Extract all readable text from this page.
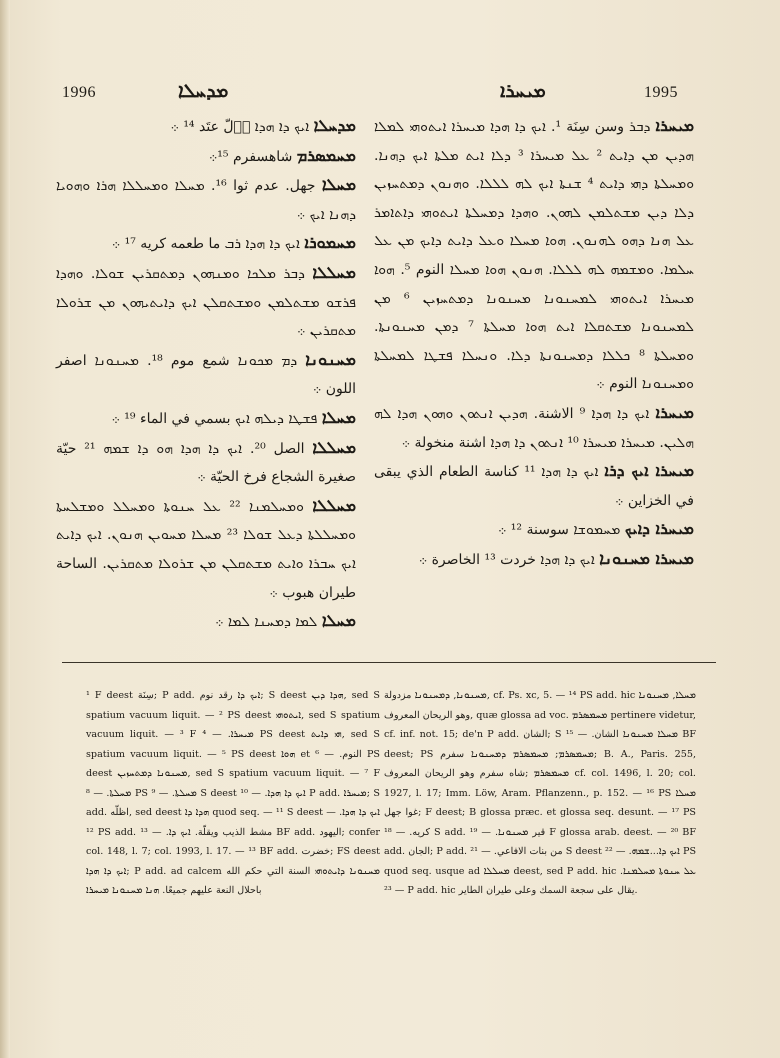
1996	ܡܕܚܠܐ	ܡܝܚܪܐ	1995

ܡܕܚܠܐ ܐܝܟ ܕܐ ܗܕܐ ܕَلّ عتَد ¹⁴ ܀

ܡܚܡܣܪܡ شاهسفرم ¹⁵܀

ܡܚܠܐ جهل. عدم ثوا ¹⁶. ܡܚܠܐ ܘܡܚܠܠܐ ܗܪܐ ܘܗܘܝܐ ܕܗܢܐ ܐܝܟ ܀

ܡܚܡܘܪܐ ܐܝܟ ܕܐ ܗܕܐ ܪܒ ما طعمه كريه ¹⁷ ܀

ܡܚܠܠܐ ܕܒܪ ܡܠܟܐ ܘܡܢܗܘܢ ܕܡܬܩܪܝܢ ܫܘܠܐ. ܘܗܕܐ ܦܪܫܘ ܡܫܬܠܡܢ ܘܡܫܬܩܠܢ ܐܝܟ ܕܐܝܬܝܗܘܢ ܡܢ ܫܪܘܠܐ ܡܬܩܪܝܢ ܀

ܡܚܢܘܢܐ ܕܡ ܡܟܘܢܐ شمع موم ¹⁸. ܡܚܢܘܢܐ اصفر اللون ܀

ܡܚܠܐ ܦܫܛܐ ܕܝܠܗ ܐܝܟ بسمي في الماء ¹⁹ ܀

ܡܚܠܠܐ الصل ²⁰. ܐܝܟ ܕܐ ܗܕܐ ܗܘ ܕܐ ܫܡܗ ²¹ حيّة صغيرة الشجاع فرخ الحيّة ܀

ܡܚܠܠܐ ܘܡܚܠܡܢܐ ²² ܥܠ ܚܢܘܬܐ ܘܡܚܠܠ ܘܡܫܠܚܬܐ ܘܡܚܠܠܬܐ ܕܥܠ ܫܘܠܐ ²³ ܡܚܠܐ ܡܚܘܝܢ ܗܢܘܢ. ܐܝܟ ܕܐܝܬ ܐܝܟ ܚܒܪܐ ܘܐܝܬ ܡܫܬܩܠܢ ܡܢ ܫܪܘܠܐ ܡܬܩܪܝܢ. الساحة طيران هبوب ܀

ܡܚܠܐ ܠܡܐ ܕܡܚܢܐ ܠܡܐ ܀

ܡܝܚܪܐ ܕܒܪ وسن سِنَة ¹. ܐܝܟ ܕܐ ܗܕܐ ܡܝܚܪܐ ܐܝܬܘܗܝ ܠܡܠܐ ܗܕܝܢ ܡܢ ܕܐܝܬ ² ܥܠ ܡܝܚܪܐ ³ ܕܠܐ ܐܝܬ ܡܠܬܐ ܐܝܟ ܕܗܢܐ. ܘܡܚܠܬܐ ܕܗܝ ܕܐܝܬ ⁴ ܫܢܬܐ ܐܝܟ ܠܗ ܠܠܠܐ. ܘܗܢܘܢ ܕܡܬܚܙܝܢ ܕܠܐ ܕܝܢ ܡܫܬܠܡܢ ܠܗܘܢ. ܘܗܕܐ ܕܡܚܠܬܐ ܐܝܬܘܗܝ ܕܐܬܐܡܪ ܥܠ ܗܢܐ ܕܗܘ ܠܗܢܘܢ. ܗܘܐ ܡܚܠܐ ܘܥܠ ܕܐܝܬ ܕܐܝܟ ܡܢ ܥܠ ܚܠܡܐ. ܘܡܫܡܗ ܠܗ ܠܠܠܐ. ܗܢܘܢ ܗܘܐ ܡܚܠܐ النوم ⁵. ܗܘܐ ܡܝܚܪܐ ܐܝܬܘܗܝ ܠܡܚܢܘܢܐ ܡܚܢܘܢܐ ܕܡܬܚܙܝܢ ⁶ ܡܢ ܠܡܚܢܘܢܐ ܡܫܬܩܠܐ ܐܝܬ ܗܘܐ ܡܚܠܬܐ ⁷ ܕܡܢ ܡܚܢܘܢܬܐ. ܘܡܚܠܬܐ ⁸ ܟܠܠܐ ܕܡܚܢܘܢܬܐ ܕܠܐ. ܘܢܚܠܐ ܦܫܛܐ ܠܡܚܠܬܐ ܘܡܚܢܘܢܐ النوم ܀

ܡܝܚܪܐ ܐܝܟ ܕܐ ܗܕܐ ⁹ الاشنة. ܗܕܝܢ ܐܢܬܘܢ ܘܗܘܢ ܗܕܐ ܠܗ ܗܠܝܢ. ܡܝܚܪܐ ܡܝܚܪܐ ¹⁰ ܐܢܬܘܢ ܕܐ ܗܕܐ اشنة منخولة ܀

ܡܝܚܪܐ ܐܝܟ ܕܪܐ ܐܝܟ ܕܐ ܗܕܐ ¹¹ كناسة الطعام الذي يبقى في الخزاين ܀

ܡܝܚܪܐ ܕܐܝܟ ܡܚܡܘܫܐ سوسنة ¹² ܀

ܡܝܚܪܐ ܡܚܢܘܢܐ ܐܝܟ ܕܐ ܗܕܐ خردت ¹³ الخاصرة ܀

¹ F deest سِنَة; P add. ܐܝܟ ܕܐ رقد نوم; S deest ܗܕܐ ܕܝܢ, sed S spatium vacuum liquit. — ² PS deest ܐܝܬܘܗܝ, sed S spatium vacuum liquit. — ³ F ܡܝܚܪܐ. — ⁴ PS deest ܗܝ ܕܐܝܬ, sed S spatium vacuum liquit. — ⁵ PS deest ܗܘܐ et النوم. — ⁶ PS deest ܡܚܢܘܢܐ ܕܡܬܚܙܝܢ, sed S spatium vacuum liquit. — ⁷ F ܡܚܠܬܐ. — ⁸ PS ܡܚܠܬܐ. — ⁹ S deest ܐܝܟ ܕܐ ܗܕܐ. — ¹⁰ P add. ܡܝܚܪܐ; S add. اظلّه, sed deest ܗܕܐ ܕܐ quod seq. — ¹¹ S deest ܐܝܟ ܕܐ ܗܕܐ. — ¹² PS add. مشط الذيب ويقلّة. ܐܝܟ ܕܐ. — ¹³ BF add. اليهود; confer col. 148, l. 7; col. 1993, l. 17. — ¹³ BF add. خضرت; FS deest ܐܝܟ ܕܐ ܗܕܐ; P add. ad calcem ܡܚܢܘܢܐ ܕܐܝܬܘܗܝ السنة التي حكم الله باحلال النعة عليهم جميعًا. ܗܢܐ ܡܚܢܘܢܐ ܡܝܚܪܐ

ܡܚܢܘܢܐ, ܕܡܚܢܘܢܐ مزدولة, cf. Ps. xc, 5. — ¹⁴ PS add. hic ܡܚܠܐ, ܡܚܢܘܢܐ وهو الريحان المعروف, quæ glossa ad voc. ܡܚܡܣܪܡ pertinere videtur, cf. inf. not. 15; de'n P add. الشان; S ܡܚܠܐ ܡܚܢܘܢܐ الشان. — ¹⁵ BF deest; PS ܡܚܡܣܪܡ; ܡܚܡܣܪܡ ܕܡܚܢܘܢܐ سفرم; B. A., Paris. 255, ܡܚܡܣܪܡ ;شاه سفرم وهو الريحان المعروف cf. col. 1496, l. 20; col. 1927, l. 17; Imm. Löw, Aram. Pflanzenn., p. 152. — ¹⁶ PS ܡܚܠܐ غوا جهل; F deest; B glossa præc. et glossa seq. desunt. — ¹⁷ PS كريه. — ¹⁸ S add. قير ܡܚܢܘܢܐ. — ¹⁹ F glossa arab. deest. — ²⁰ BF add. الجان; P add. من بنات الافاعي. — ²¹ S deest ܐܝܟ ܕܐ...ܫܡܗ. — ²² PS quod seq. usque ad ܡܚܠܠܐ deest, sed P add. hic ܥܠ ܚܢܘܬܐ ܡܚܠܡܢܐ. — ²³ P add. hic يقال على سجعة السمك وعلى طيران الطاير.
